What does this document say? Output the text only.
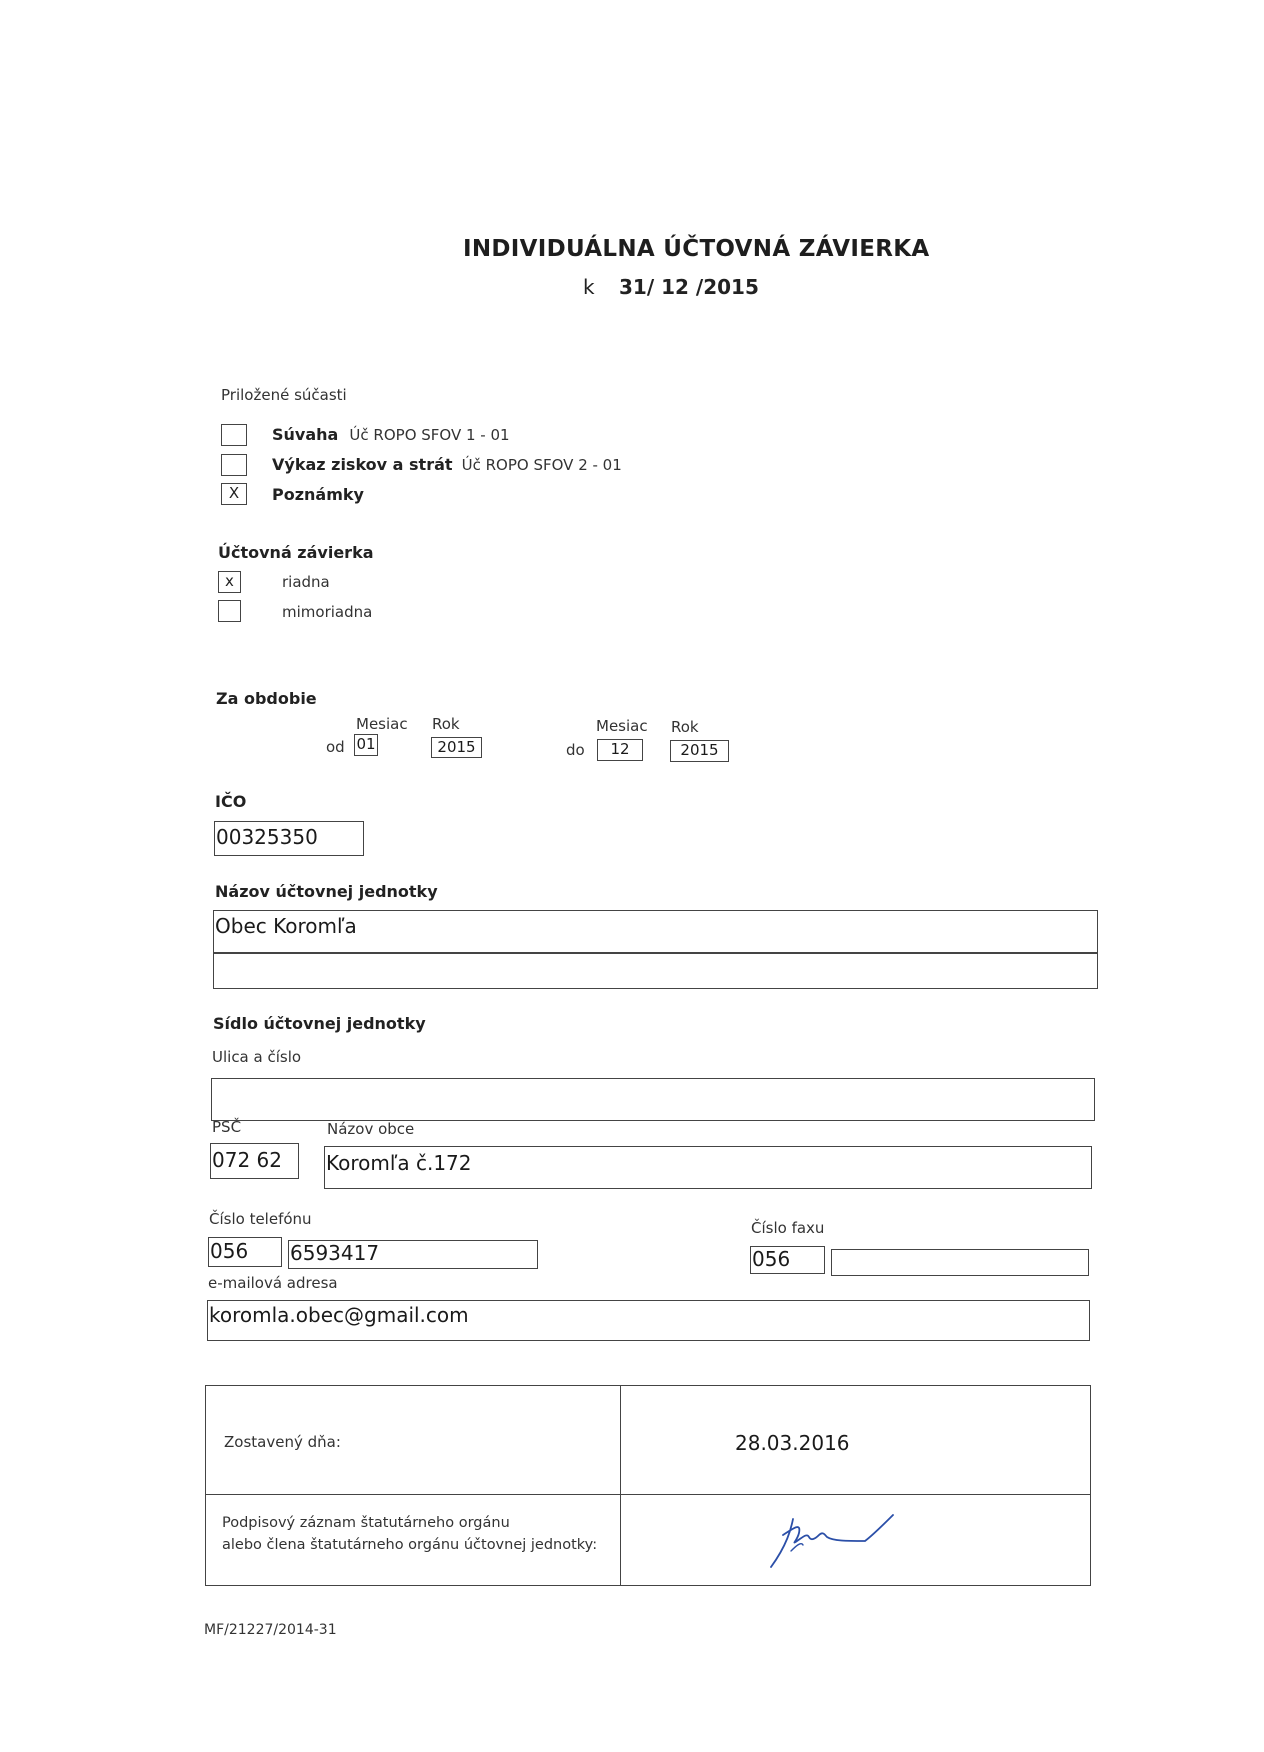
INDIVIDUÁLNA ÚČTOVNÁ ZÁVIERKA
k 31/ 12 /2015
Priložené súčasti
Súvaha Úč ROPO SFOV 1 - 01
Výkaz ziskov a strát Úč ROPO SFOV 2 - 01
X	Poznámky
Účtovná závierka
x	riadna
mimoriadna
Za obdobie
Mesiac Rok
od 01	2015
Mesiac Rok
do	12	2015
IČO
00325350
Názov účtovnej jednotky
Obec Koromľa
Sídlo účtovnej jednotky
Ulica a číslo
PSČ	Názov obce
072 62	Koromľa č.172
Číslo telefónu	Číslo faxu
056	6593417	056
e-mailová adresa
koromla.obec@gmail.com
Zostavený dňa:	28.03.2016
Podpisový záznam štatutárneho orgánu
alebo člena štatutárneho orgánu účtovnej jednotky:
MF/21227/2014-31
